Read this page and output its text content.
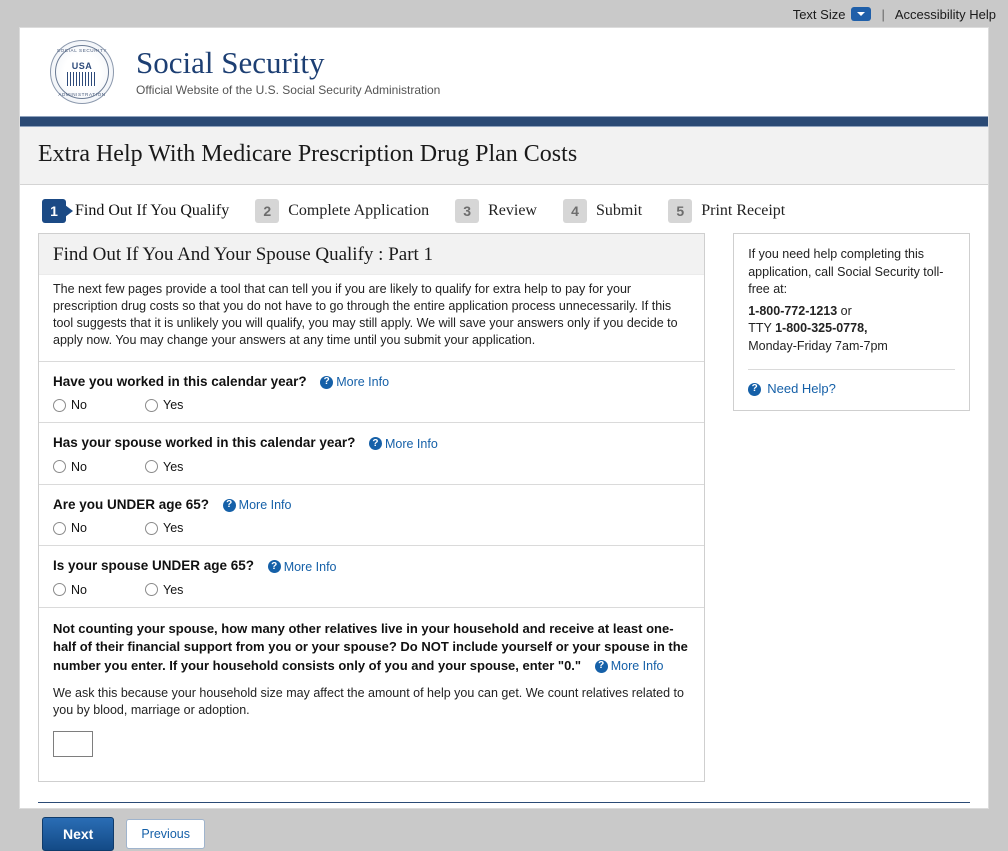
Text Size	| Accessibility Help
SOCIAL SECURITY
USA
ADMINISTRATION
Social Security
Official Website of the U.S. Social Security Administration
Extra Help With Medicare Prescription Drug Plan Costs
1	Find Out If You Qualify	2	Complete Application	3	Review	4	Submit	5	Print Receipt
Find Out If You And Your Spouse Qualify : Part 1
The next few pages provide a tool that can tell you if you are likely to qualify for extra help to pay for your prescription drug costs so that you do not have to go through the entire application process unnecessarily. If this tool suggests that it is unlikely you will qualify, you may still apply. We will save your answers only if you decide to apply now. You may change your answers at any time until you submit your application.
Have you worked in this calendar year?	? More Info
No	Yes
Has your spouse worked in this calendar year?	? More Info
No	Yes
Are you UNDER age 65?	? More Info
No	Yes
Is your spouse UNDER age 65?	? More Info
No	Yes
Not counting your spouse, how many other relatives live in your household and receive at least one-half of their financial support from you or your spouse? Do NOT include yourself or your spouse in the number you enter. If your household consists only of you and your spouse, enter "0."	? More Info
We ask this because your household size may affect the amount of help you can get. We count relatives related to you by blood, marriage or adoption.
If you need help completing this application, call Social Security toll-free at:
1-800-772-1213 or
TTY 1-800-325-0778,
Monday-Friday 7am-7pm
? Need Help?
Next	Previous
